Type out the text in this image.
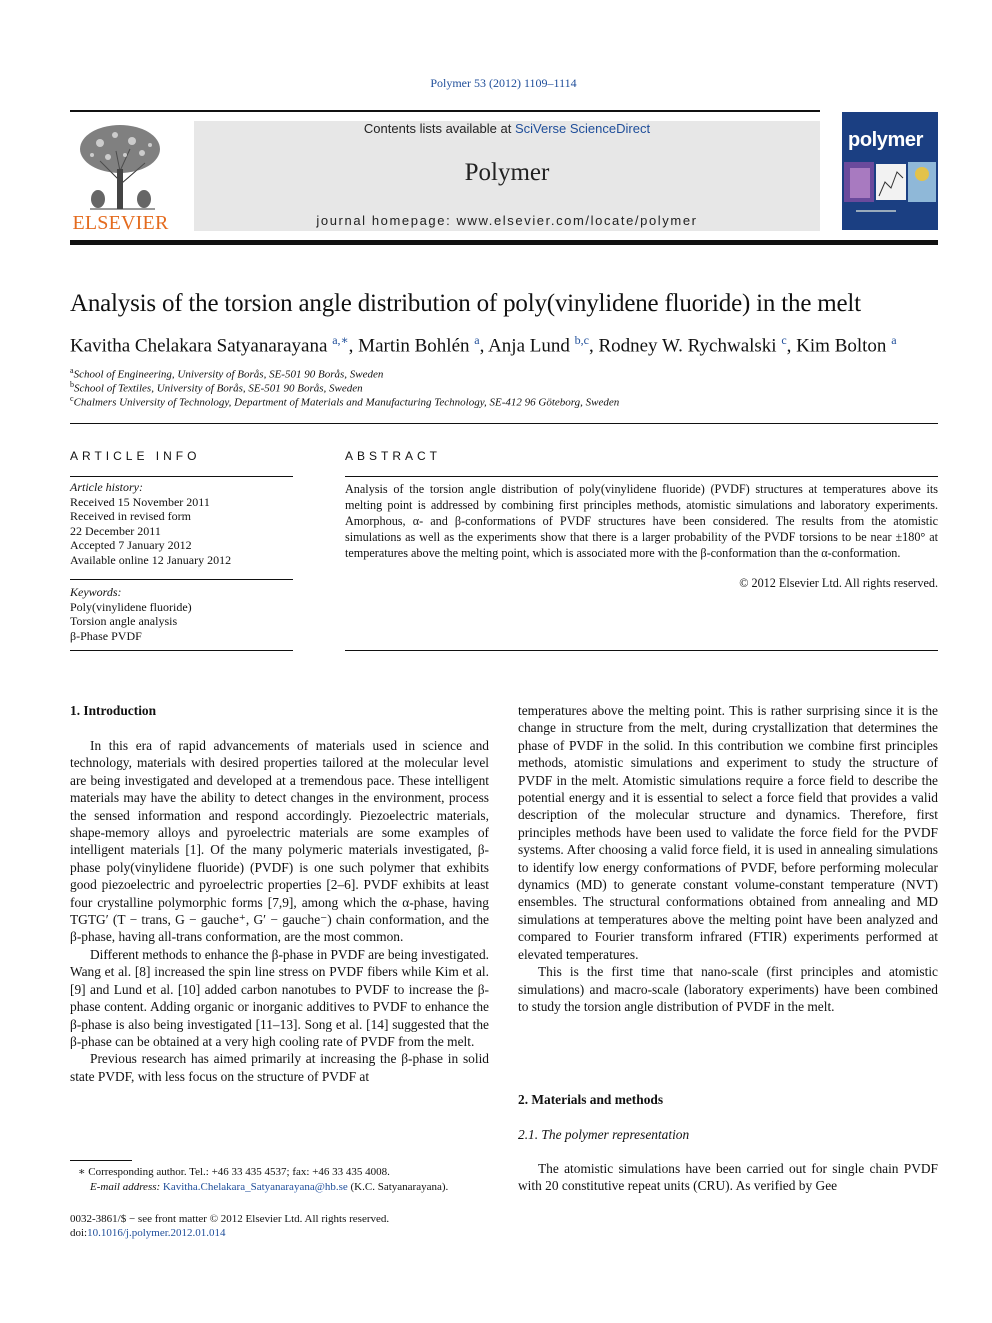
Polymer 53 (2012) 1109–1114
ELSEVIER
Contents lists available at SciVerse ScienceDirect
Polymer
journal homepage: www.elsevier.com/locate/polymer
polymer
Analysis of the torsion angle distribution of poly(vinylidene fluoride) in the melt
Kavitha Chelakara Satyanarayana $^{a,∗}$, Martin Bohlén $^a$, Anja Lund $^{b,c}$, Rodney W. Rychwalski $^c$, Kim Bolton $^a$
$^a$School of Engineering, University of Borås, SE-501 90 Borås, Sweden
$^b$School of Textiles, University of Borås, SE-501 90 Borås, Sweden
$^c$Chalmers University of Technology, Department of Materials and Manufacturing Technology, SE-412 96 Göteborg, Sweden
ARTICLE INFO
Article history:
Received 15 November 2011
Received in revised form
22 December 2011
Accepted 7 January 2012
Available online 12 January 2012
Keywords:
Poly(vinylidene fluoride)
Torsion angle analysis
β-Phase PVDF
ABSTRACT
Analysis of the torsion angle distribution of poly(vinylidene fluoride) (PVDF) structures at temperatures above its melting point is addressed by combining first principles methods, atomistic simulations and laboratory experiments. Amorphous, α- and β-conformations of PVDF structures have been considered. The results from the atomistic simulations as well as the experiments show that there is a larger probability of the PVDF torsions to be near ±180° at temperatures above the melting point, which is associated more with the β-conformation than the α-conformation.
© 2012 Elsevier Ltd. All rights reserved.
1. Introduction

In this era of rapid advancements of materials used in science and technology, materials with desired properties tailored at the molecular level are being investigated and developed at a tremendous pace. These intelligent materials may have the ability to detect changes in the environment, process the sensed information and respond accordingly. Piezoelectric materials, shape-memory alloys and pyroelectric materials are some examples of intelligent materials [1]. Of the many polymeric materials investigated, β-phase poly(vinylidene fluoride) (PVDF) is one such polymer that exhibits good piezoelectric and pyroelectric properties [2–6]. PVDF exhibits at least four crystalline polymorphic forms [7,9], among which the α-phase, having TGTG′ (T − trans, G − gauche⁺, G′ − gauche⁻) chain conformation, and the β-phase, having all-trans conformation, are the most common.

Different methods to enhance the β-phase in PVDF are being investigated. Wang et al. [8] increased the spin line stress on PVDF fibers while Kim et al. [9] and Lund et al. [10] added carbon nanotubes to PVDF to increase the β-phase content. Adding organic or inorganic additives to PVDF to enhance the β-phase is also being investigated [11–13]. Song et al. [14] suggested that the β-phase can be obtained at a very high cooling rate of PVDF from the melt.

Previous research has aimed primarily at increasing the β-phase in solid state PVDF, with less focus on the structure of PVDF at

temperatures above the melting point. This is rather surprising since it is the change in structure from the melt, during crystallization that determines the phase of PVDF in the solid. In this contribution we combine first principles methods, atomistic simulations and experiment to study the structure of PVDF in the melt. Atomistic simulations require a force field to describe the potential energy and it is essential to select a force field that provides a valid description of the molecular structure and dynamics. Therefore, first principles methods have been used to validate the force field for the PVDF systems. After choosing a valid force field, it is used in annealing simulations to identify low energy conformations of PVDF, before performing molecular dynamics (MD) to generate constant volume-constant temperature (NVT) ensembles. The structural conformations obtained from annealing and MD simulations at temperatures above the melting point have been analyzed and compared to Fourier transform infrared (FTIR) experiments performed at elevated temperatures.

This is the first time that nano-scale (first principles and atomistic simulations) and macro-scale (laboratory experiments) have been combined to study the torsion angle distribution of PVDF in the melt.

2. Materials and methods
2.1. The polymer representation

The atomistic simulations have been carried out for single chain PVDF with 20 constitutive repeat units (CRU). As verified by Gee

∗ Corresponding author. Tel.: +46 33 435 4537; fax: +46 33 435 4008.
E-mail address: Kavitha.Chelakara_Satyanarayana@hb.se (K.C. Satyanarayana).
0032-3861/$ − see front matter © 2012 Elsevier Ltd. All rights reserved.
doi:10.1016/j.polymer.2012.01.014
